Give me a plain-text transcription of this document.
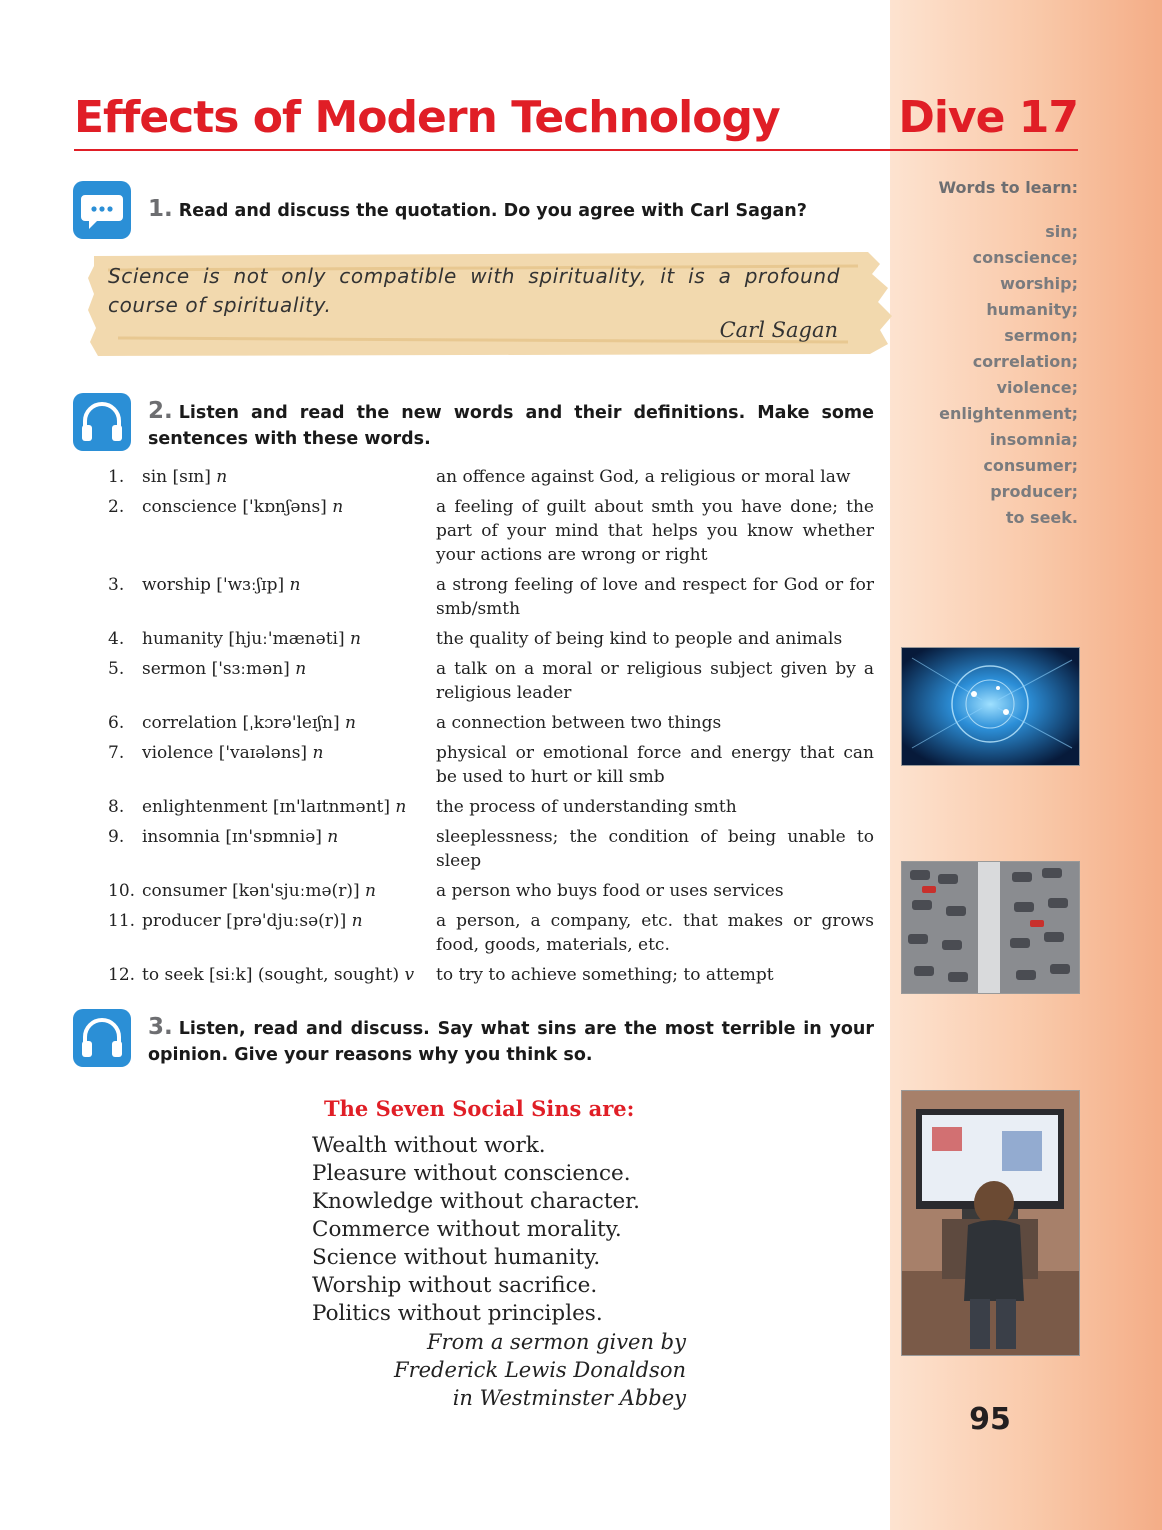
Effects of Modern Technology	Dive 17
1. Read and discuss the quotation. Do you agree with Carl Sagan?
Science is not only compatible with spirituality, it is a profound course of spirituality.
Carl Sagan
2. Listen and read the new words and their definitions. Make some sentences with these words.
1.	sin [sɪn] n	an offence against God, a religious or moral law
2.	conscience ['kɒnʃəns] n	a feeling of guilt about smth you have done; the part of your mind that helps you know whether your actions are wrong or right
3.	worship ['wɜːʃɪp] n	a strong feeling of love and respect for God or for smb/smth
4.	humanity [hjuː'mænəti] n	the quality of being kind to people and animals
5.	sermon ['sɜːmən] n	a talk on a moral or religious subject given by a religious leader
6.	correlation [ˌkɔrə'leɪʃn] n	a connection between two things
7.	violence ['vaɪələns] n	physical or emotional force and energy that can be used to hurt or kill smb
8.	enlightenment [ɪn'laɪtnmənt] n	the process of understanding smth
9.	insomnia [ɪn'sɒmniə] n	sleeplessness; the condition of being unable to sleep
10. consumer [kən'sjuːmə(r)] n	a person who buys food or uses services
11. producer [prə'djuːsə(r)] n	a person, a company, etc. that makes or grows food, goods, materials, etc.
12. to seek [siːk] (sought, sought) v	to try to achieve something; to attempt
3. Listen, read and discuss. Say what sins are the most terrible in your opinion. Give your reasons why you think so.
The Seven Social Sins are:

Wealth without work.

Pleasure without conscience.

Knowledge without character.

Commerce without morality.

Science without humanity.

Worship without sacrifice.

Politics without principles.

From a sermon given by
Frederick Lewis Donaldson
in Westminster Abbey
Words to learn:
sin;
conscience;
worship;
humanity;
sermon;
correlation;
violence;
enlightenment;
insomnia;
consumer;
producer;
to seek.
95
